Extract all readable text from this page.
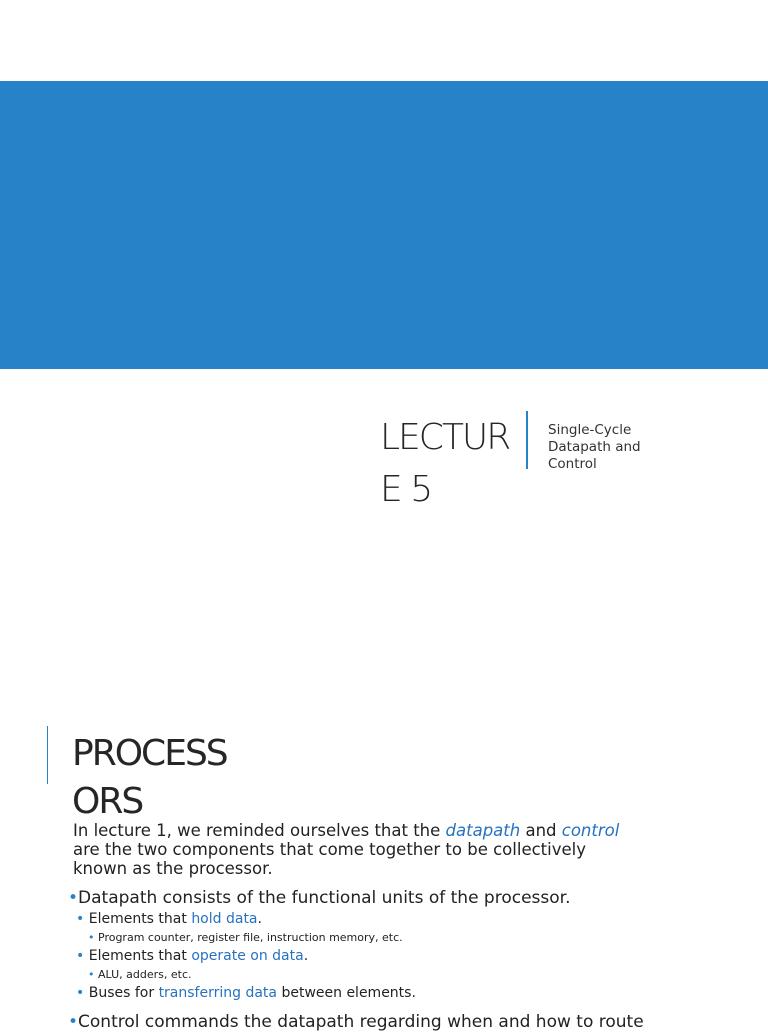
LECTUR
E 5
Single-Cycle
Datapath and
Control
PROCESS
ORS
In lecture 1, we reminded ourselves that the datapath and control are the two components that come together to be collectively known as the processor.
•Datapath consists of the functional units of the processor.
• Elements that hold data.
• Program counter, register file, instruction memory, etc.
• Elements that operate on data.
• ALU, adders, etc.
• Buses for transferring data between elements.
•Control commands the datapath regarding when and how to route
